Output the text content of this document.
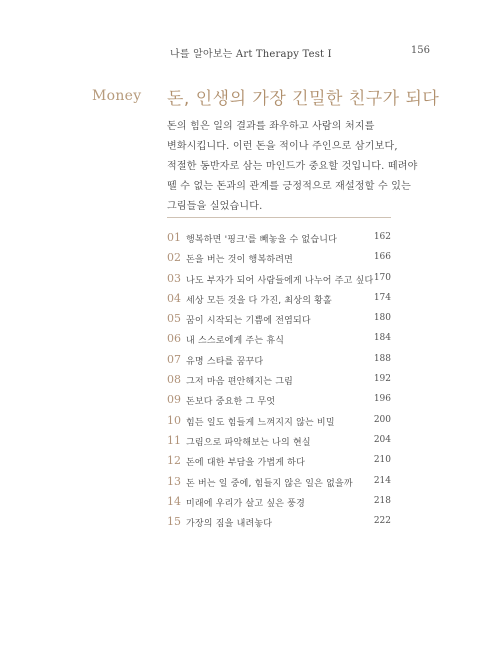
나를 알아보는 Art Therapy Test Ⅰ	156
Money 돈, 인생의 가장 긴밀한 친구가 되다
돈의 힘은 일의 결과를 좌우하고 사람의 처지를
변화시킵니다. 이런 돈을 적이나 주인으로 삼기보다,
적절한 동반자로 삼는 마인드가 중요할 것입니다. 떼려야
뗄 수 없는 돈과의 관계를 긍정적으로 재설정할 수 있는
그림들을 실었습니다.
01 행복하면 '핑크'를 빼놓을 수 없습니다	162
02 돈을 버는 것이 행복하려면	166
03 나도 부자가 되어 사람들에게 나누어 주고 싶다 170
04 세상 모든 것을 다 가진, 최상의 황홀	174
05 꿈이 시작되는 기쁨에 전염되다	180
06 내 스스로에게 주는 휴식	184
07 유명 스타를 꿈꾸다	188
08 그저 마음 편안해지는 그림	192
09 돈보다 중요한 그 무엇	196
10 힘든 일도 힘들게 느껴지지 않는 비밀	200
11 그림으로 파악해보는 나의 현실	204
12 돈에 대한 부담을 가볍게 하다	210
13 돈 버는 일 중에, 힘들지 않은 일은 없을까 214
14 미래에 우리가 살고 싶은 풍경	218
15 가장의 짐을 내려놓다	222
